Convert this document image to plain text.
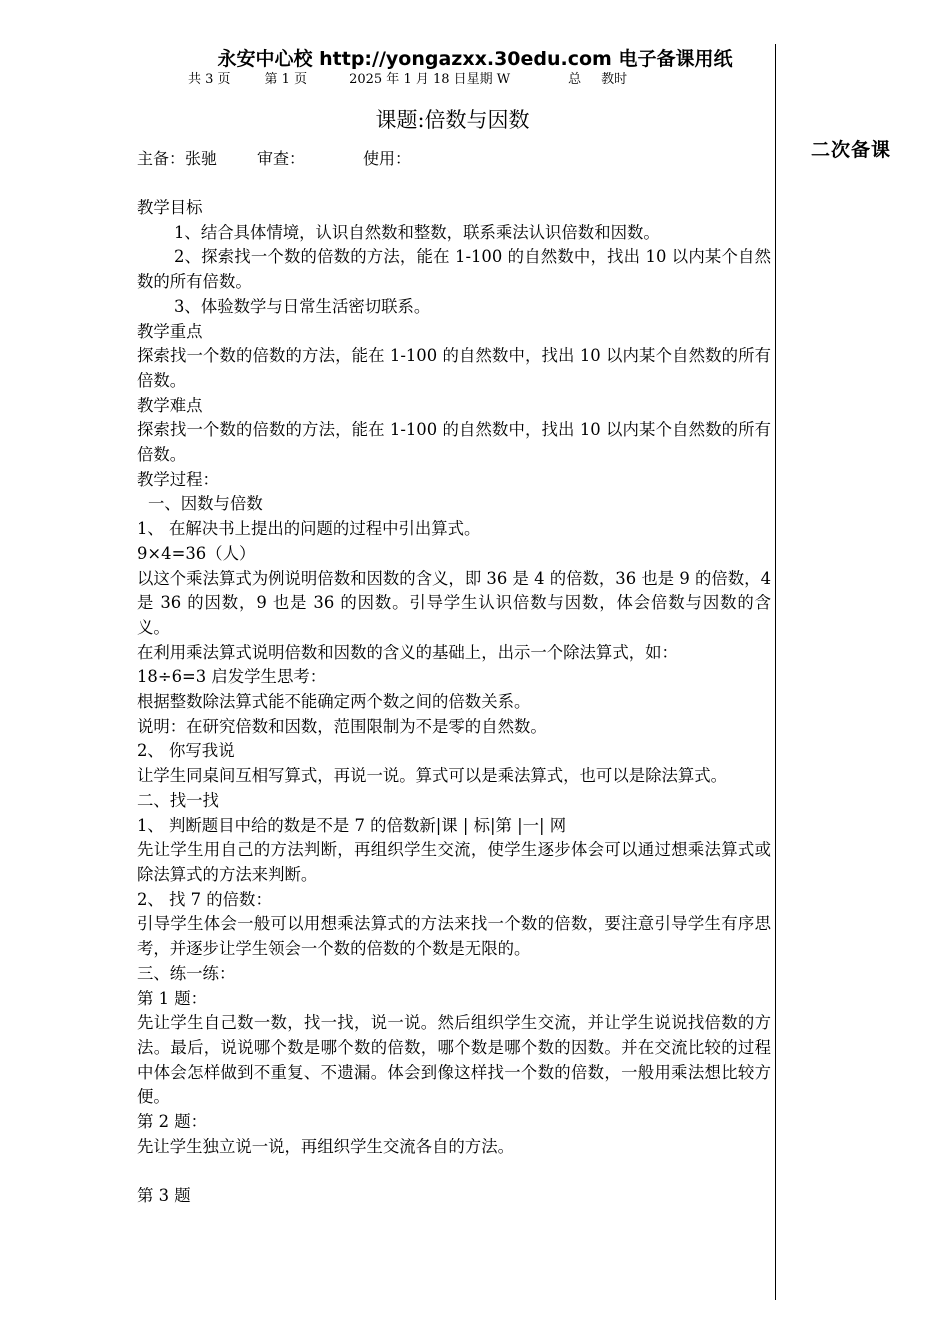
永安中心校 http://yongazxx.30edu.com 电子备课用纸
共 3 页	第 1 页	2025 年 1 月 18 日星期 W	总 教时
二次备课
课题:倍数与因数
主备：张驰	审查：	使用：

教学目标

1、结合具体情境，认识自然数和整数，联系乘法认识倍数和因数。

2、探索找一个数的倍数的方法，能在 1-100 的自然数中，找出 10 以内某个自然数的所有倍数。

3、体验数学与日常生活密切联系。

教学重点

探索找一个数的倍数的方法，能在 1-100 的自然数中，找出 10 以内某个自然数的所有倍数。

教学难点

探索找一个数的倍数的方法，能在 1-100 的自然数中，找出 10 以内某个自然数的所有倍数。

教学过程：

一、因数与倍数

1、 在解决书上提出的问题的过程中引出算式。

9×4=36（人）

以这个乘法算式为例说明倍数和因数的含义，即 36 是 4 的倍数，36 也是 9 的倍数，4 是 36 的因数，9 也是 36 的因数。引导学生认识倍数与因数，体会倍数与因数的含义。

在利用乘法算式说明倍数和因数的含义的基础上，出示一个除法算式，如：

18÷6=3 启发学生思考：

根据整数除法算式能不能确定两个数之间的倍数关系。

说明：在研究倍数和因数，范围限制为不是零的自然数。

2、 你写我说

让学生同桌间互相写算式，再说一说。算式可以是乘法算式，也可以是除法算式。

二、找一找

1、 判断题目中给的数是不是 7 的倍数新|课 | 标|第 |一| 网

先让学生用自己的方法判断，再组织学生交流，使学生逐步体会可以通过想乘法算式或除法算式的方法来判断。

2、 找 7 的倍数：

引导学生体会一般可以用想乘法算式的方法来找一个数的倍数，要注意引导学生有序思考，并逐步让学生领会一个数的倍数的个数是无限的。

三、练一练：

第 1 题：

先让学生自己数一数，找一找，说一说。然后组织学生交流，并让学生说说找倍数的方法。最后，说说哪个数是哪个数的倍数，哪个数是哪个数的因数。并在交流比较的过程中体会怎样做到不重复、不遗漏。体会到像这样找一个数的倍数，一般用乘法想比较方便。

第 2 题：

先让学生独立说一说，再组织学生交流各自的方法。

第 3 题
